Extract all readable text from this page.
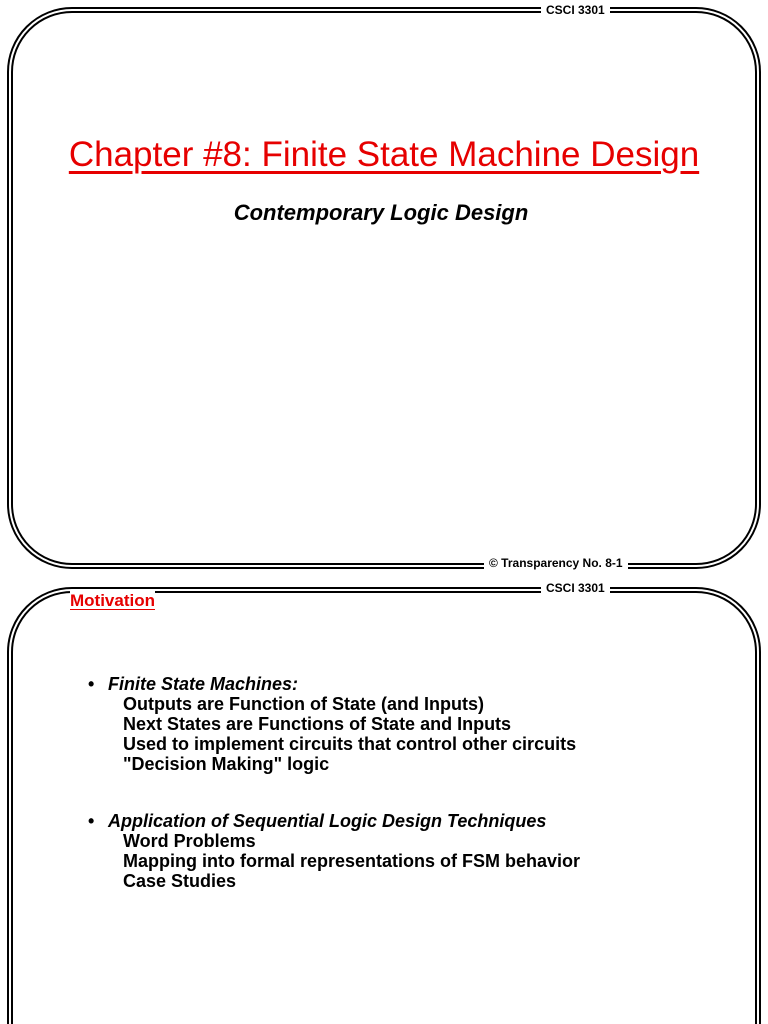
CSCI 3301
Chapter #8: Finite State Machine Design
Contemporary Logic Design
© Transparency No. 8-1
CSCI 3301
Motivation
• Finite State Machines:
Outputs are Function of State (and Inputs)
Next States are Functions of State and Inputs
Used to implement circuits that control other circuits
"Decision Making" logic
• Application of Sequential Logic Design Techniques
Word Problems
Mapping into formal representations of FSM behavior
Case Studies
